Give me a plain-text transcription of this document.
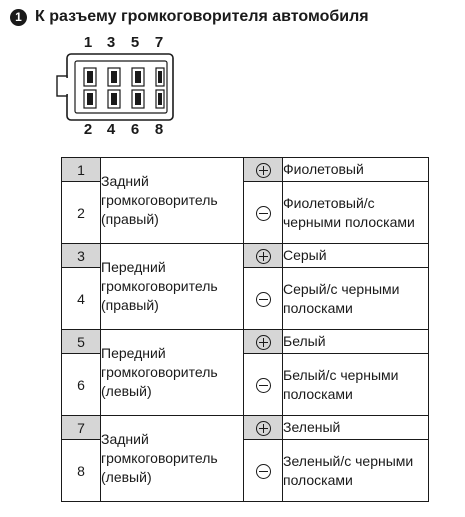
1 К разъему громкоговорителя автомобиля
1 3 5 7
2 4 6 8
1	Задний громкоговоритель (правый)		Фиолетовый
2			Фиолетовый/с черными полосками
3	Передний громкоговоритель (правый)		Серый
4			Серый/с черными полосками
5	Передний громкоговоритель (левый)		Белый
6			Белый/с черными полосками
7	Задний громкоговоритель (левый)		Зеленый
8			Зеленый/с черными полосками
